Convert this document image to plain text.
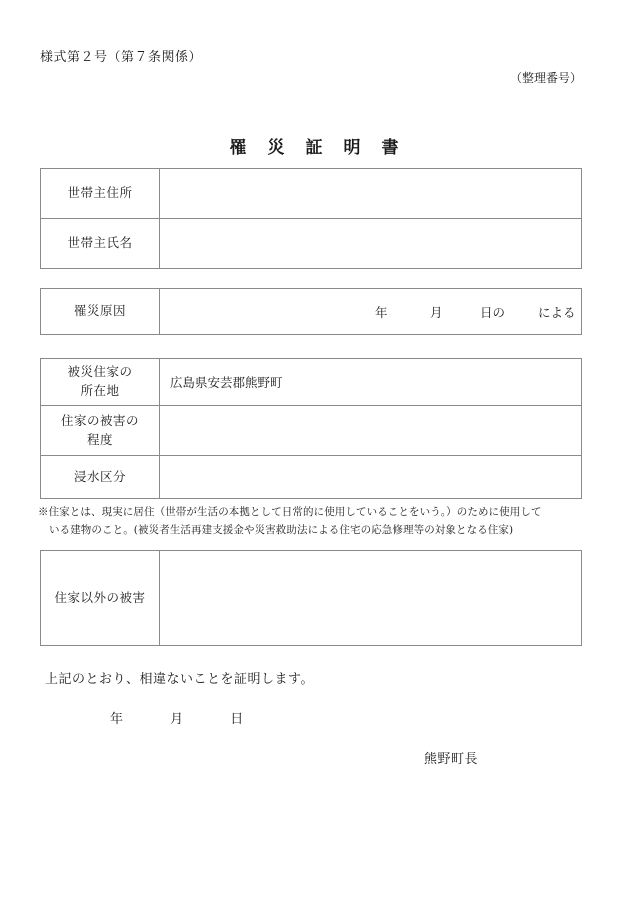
様式第２号（第７条関係）
（整理番号）
罹　災　証　明　書
世帯主住所	
世帯主氏名	
罹災原因	年	月	日の	による
被災住家の
所在地	広島県安芸郡熊野町

住家の被害の
程度	

浸水区分	

※住家とは、現実に居住（世帯が生活の本拠として日常的に使用していることをいう。）のために使用して
いる建物のこと。(被災者生活再建支援金や災害救助法による住宅の応急修理等の対象となる住家)
住家以外の被害	
上記のとおり、相違ないことを証明します。
年	月	日
熊野町長
